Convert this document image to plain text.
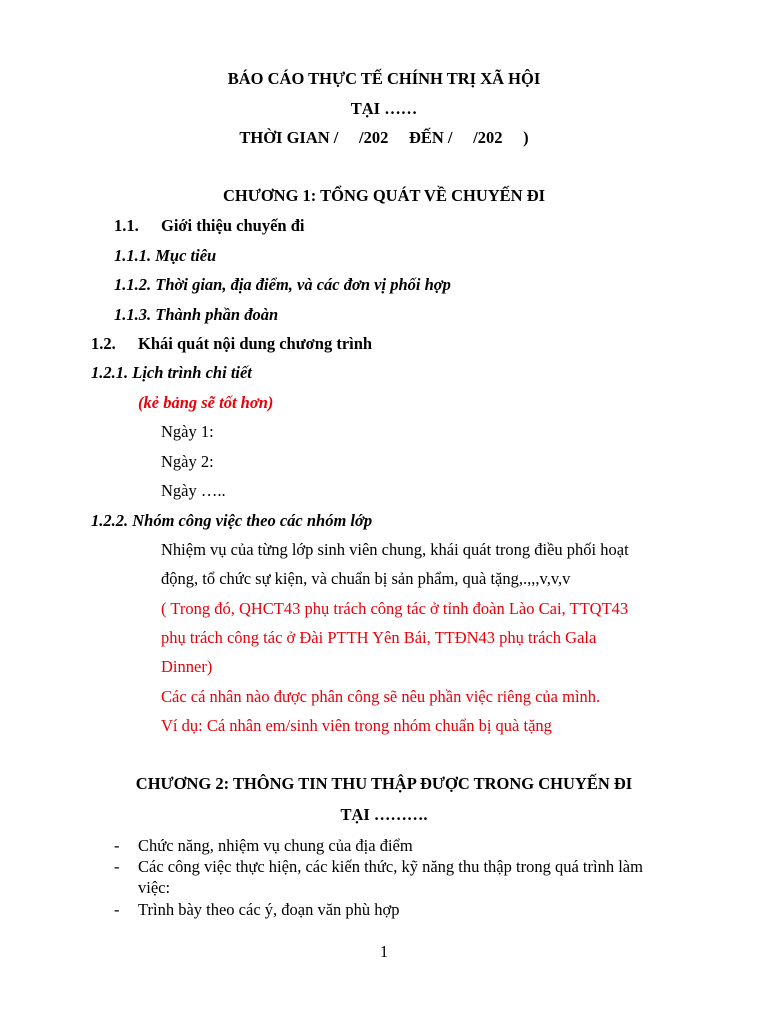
BÁO CÁO THỰC TẾ CHÍNH TRỊ XÃ HỘI
TẠI ……
THỜI GIAN /     /202     ĐẾN /     /202     )
CHƯƠNG 1: TỔNG QUÁT VỀ CHUYẾN ĐI
1.1. Giới thiệu chuyến đi
1.1.1. Mục tiêu
1.1.2. Thời gian, địa điểm, và các đơn vị phối hợp
1.1.3. Thành phần đoàn
1.2. Khái quát nội dung chương trình
1.2.1. Lịch trình chi tiết
(kẻ bảng sẽ tốt hơn)
Ngày 1:
Ngày 2:
Ngày …..
1.2.2. Nhóm công việc theo các nhóm lớp
Nhiệm vụ của từng lớp sinh viên chung, khái quát trong điều phối hoạt
động, tổ chức sự kiện, và chuẩn bị sản phẩm, quà tặng,.,,,v,v,v
( Trong đó, QHCT43 phụ trách công tác ở tỉnh đoàn Lào Cai, TTQT43
phụ trách công tác ở Đài PTTH Yên Bái, TTĐN43 phụ trách Gala
Dinner)
Các cá nhân nào được phân công sẽ nêu phần việc riêng của mình.
Ví dụ: Cá nhân em/sinh viên trong nhóm chuẩn bị quà tặng
CHƯƠNG 2: THÔNG TIN THU THẬP ĐƯỢC TRONG CHUYẾN ĐI
TẠI ……….
- Chức năng, nhiệm vụ chung của địa điểm
- Các công việc thực hiện, các kiến thức, kỹ năng thu thập trong quá trình làm
việc:
- Trình bày theo các ý, đoạn văn phù hợp
1
